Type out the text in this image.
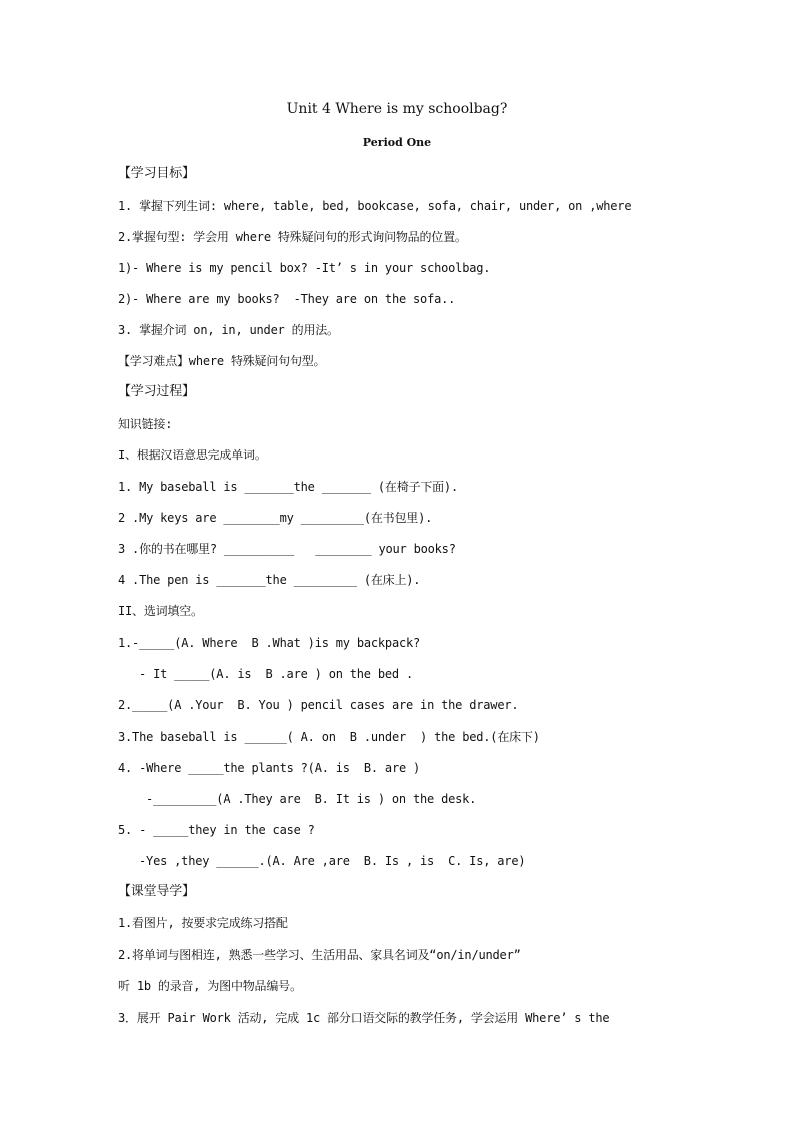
Unit 4 Where is my schoolbag?
Period One
【学习目标】
1. 掌握下列生词: where, table, bed, bookcase, sofa, chair, under, on ,where
2.掌握句型: 学会用 where 特殊疑问句的形式询问物品的位置。
1)- Where is my pencil box? -It’ s in your schoolbag.
2)- Where are my books?  -They are on the sofa..
3. 掌握介词 on, in, under 的用法。
【学习难点】where 特殊疑问句句型。
【学习过程】
知识链接:
I、根据汉语意思完成单词。
1. My baseball is _______the _______ (在椅子下面).
2 .My keys are ________my _________(在书包里).
3 .你的书在哪里? __________   ________ your books?
4 .The pen is _______the _________ (在床上).
II、选词填空。
1.-_____(A. Where  B .What )is my backpack?
- It _____(A. is  B .are ) on the bed .
2._____(A .Your  B. You ) pencil cases are in the drawer.
3.The baseball is ______( A. on  B .under  ) the bed.(在床下)
4. -Where _____the plants ?(A. is  B. are )
-_________(A .They are  B. It is ) on the desk.
5. - _____they in the case ?
-Yes ,they ______.(A. Are ,are  B. Is , is  C. Is, are)
【课堂导学】
1.看图片, 按要求完成练习搭配
2.将单词与图相连, 熟悉一些学习、生活用品、家具名词及“on/in/under”
听 1b 的录音, 为图中物品编号。
3．展开 Pair Work 活动, 完成 1c 部分口语交际的教学任务, 学会运用 Where’ s the
